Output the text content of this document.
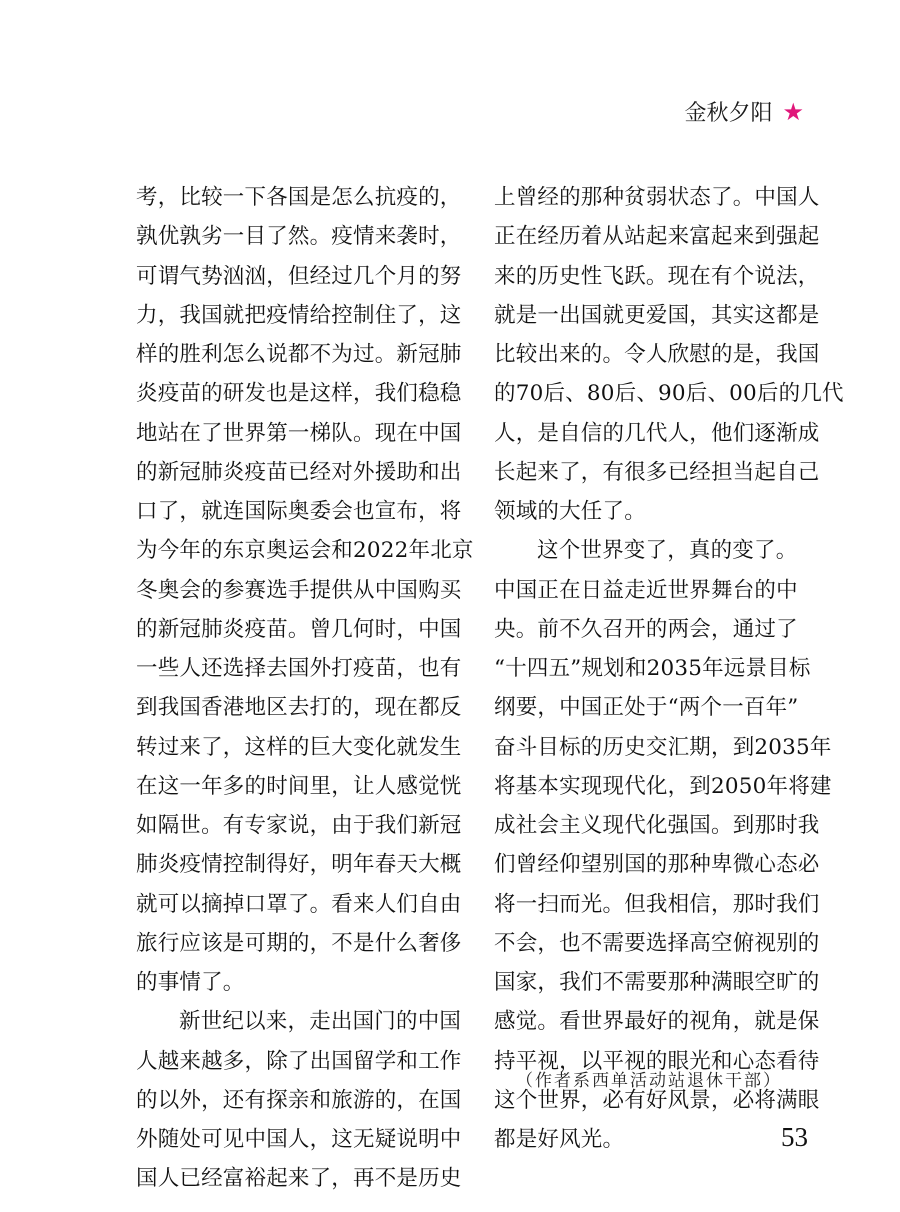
金秋夕阳 ★
考，比较一下各国是怎么抗疫的，
孰优孰劣一目了然。疫情来袭时，
可谓气势汹汹，但经过几个月的努
力，我国就把疫情给控制住了，这
样的胜利怎么说都不为过。新冠肺
炎疫苗的研发也是这样，我们稳稳
地站在了世界第一梯队。现在中国
的新冠肺炎疫苗已经对外援助和出
口了，就连国际奥委会也宣布，将
为今年的东京奥运会和2022年北京
冬奥会的参赛选手提供从中国购买
的新冠肺炎疫苗。曾几何时，中国
一些人还选择去国外打疫苗，也有
到我国香港地区去打的，现在都反
转过来了，这样的巨大变化就发生
在这一年多的时间里，让人感觉恍
如隔世。有专家说，由于我们新冠
肺炎疫情控制得好，明年春天大概
就可以摘掉口罩了。看来人们自由
旅行应该是可期的，不是什么奢侈
的事情了。
新世纪以来，走出国门的中国
人越来越多，除了出国留学和工作
的以外，还有探亲和旅游的，在国
外随处可见中国人，这无疑说明中
国人已经富裕起来了，再不是历史
上曾经的那种贫弱状态了。中国人
正在经历着从站起来富起来到强起
来的历史性飞跃。现在有个说法，
就是一出国就更爱国，其实这都是
比较出来的。令人欣慰的是，我国
的70后、80后、90后、00后的几代
人，是自信的几代人，他们逐渐成
长起来了，有很多已经担当起自己
领域的大任了。
这个世界变了，真的变了。
中国正在日益走近世界舞台的中
央。前不久召开的两会，通过了
“十四五”规划和2035年远景目标
纲要，中国正处于“两个一百年”
奋斗目标的历史交汇期，到2035年
将基本实现现代化，到2050年将建
成社会主义现代化强国。到那时我
们曾经仰望别国的那种卑微心态必
将一扫而光。但我相信，那时我们
不会，也不需要选择高空俯视别的
国家，我们不需要那种满眼空旷的
感觉。看世界最好的视角，就是保
持平视，以平视的眼光和心态看待
这个世界，必有好风景，必将满眼
都是好风光。
（作者系西单活动站退休干部）
53
